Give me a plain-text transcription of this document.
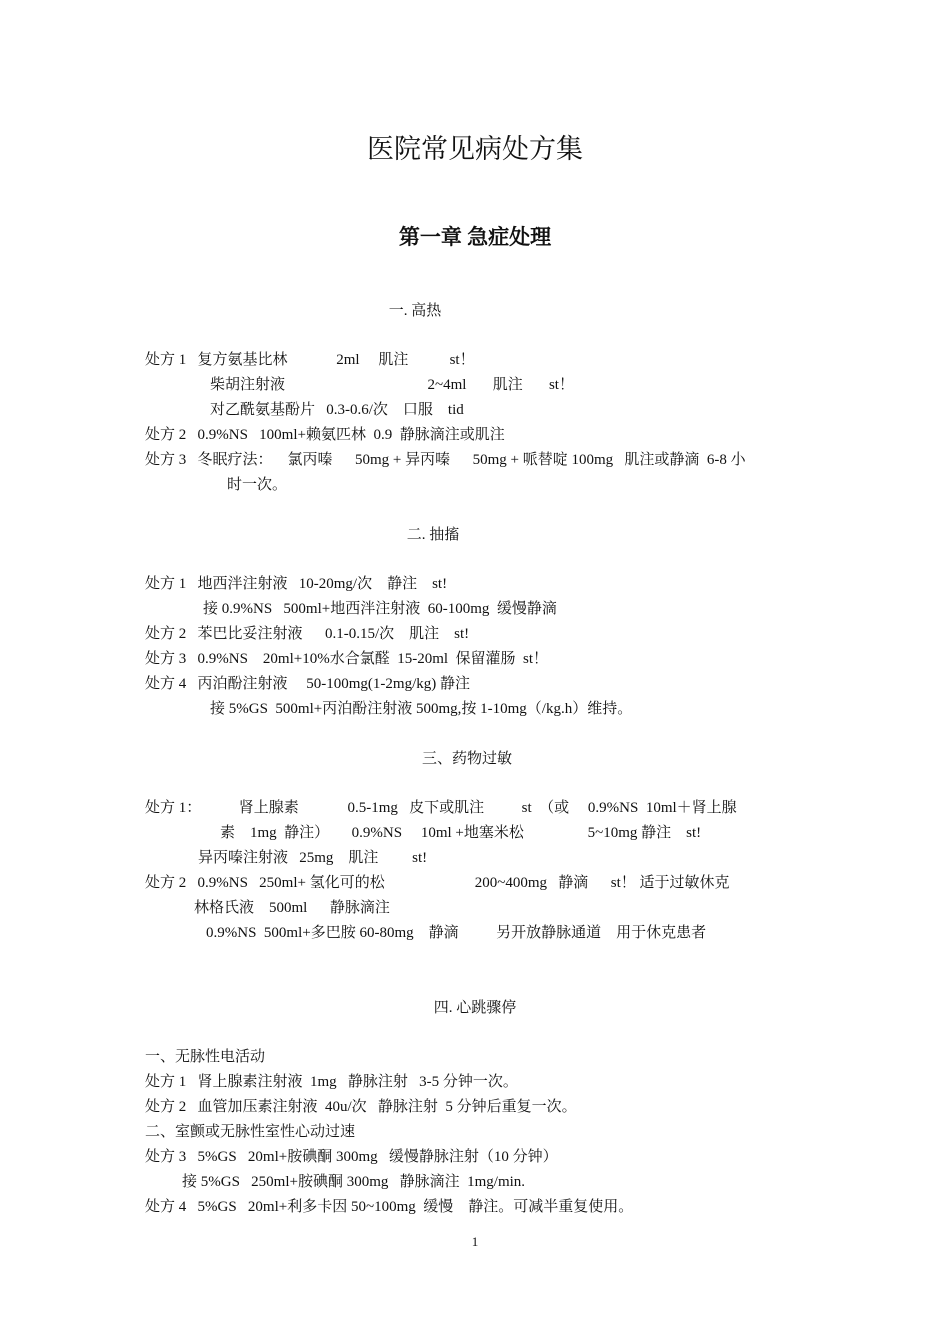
医院常见病处方集
第一章 急症处理
一. 高热
处方 1   复方氨基比林             2ml     肌注           st！
柴胡注射液                                      2~4ml       肌注       st！
对乙酰氨基酚片   0.3-0.6/次    口服    tid
处方 2   0.9%NS   100ml+赖氨匹林  0.9  静脉滴注或肌注
处方 3   冬眠疗法：    氯丙嗪      50mg + 异丙嗪      50mg + 哌替啶 100mg   肌注或静滴  6-8 小
时一次。
二. 抽搐
处方 1   地西泮注射液   10-20mg/次    静注    st!
接 0.9%NS   500ml+地西泮注射液  60-100mg  缓慢静滴
处方 2   苯巴比妥注射液      0.1-0.15/次    肌注    st!
处方 3   0.9%NS    20ml+10%水合氯醛  15-20ml  保留灌肠  st！
处方 4   丙泊酚注射液     50-100mg(1-2mg/kg) 静注
接 5%GS  500ml+丙泊酚注射液 500mg,按 1-10mg（/kg.h）维持。
三、药物过敏
处方 1：          肾上腺素             0.5-1mg   皮下或肌注          st  （或     0.9%NS  10ml＋肾上腺
素    1mg  静注）      0.9%NS     10ml +地塞米松                 5~10mg 静注    st!
异丙嗪注射液   25mg    肌注         st!
处方 2   0.9%NS   250ml+ 氢化可的松                        200~400mg   静滴      st！ 适于过敏休克
林格氏液    500ml      静脉滴注
0.9%NS  500ml+多巴胺 60-80mg    静滴          另开放静脉通道    用于休克患者
四. 心跳骤停
一、无脉性电活动
处方 1   肾上腺素注射液  1mg   静脉注射   3-5 分钟一次。
处方 2   血管加压素注射液  40u/次   静脉注射  5 分钟后重复一次。
二、室颤或无脉性室性心动过速
处方 3   5%GS   20ml+胺碘酮 300mg   缓慢静脉注射（10 分钟）
接 5%GS   250ml+胺碘酮 300mg   静脉滴注  1mg/min.
处方 4   5%GS   20ml+利多卡因 50~100mg  缓慢    静注。可减半重复使用。
1
